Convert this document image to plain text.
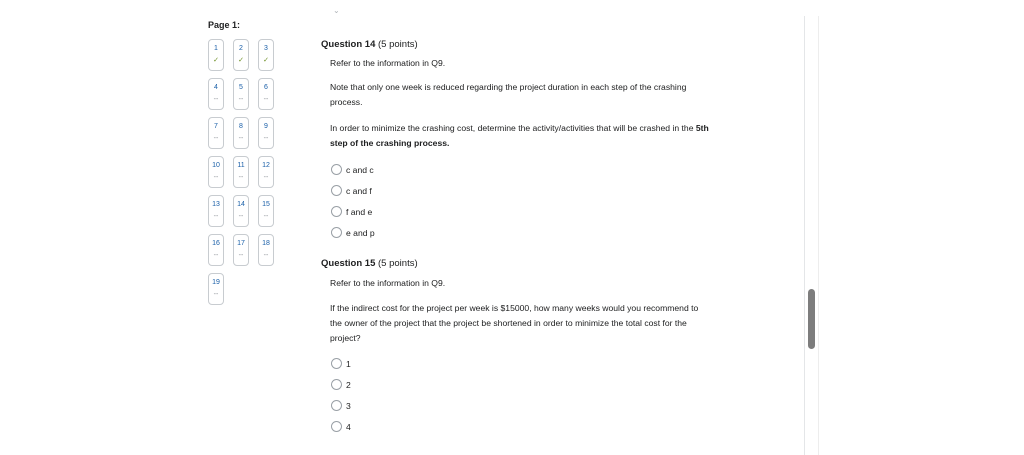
Page 1:
1
✓
2
✓
3
✓
4
--
5
--
6
--
7
--
8
--
9
--
10
--
11
--
12
--
13
--
14
--
15
--
16
--
17
--
18
--
19
--
⌄
Question 14 (5 points)
Refer to the information in Q9.
Note that only one week is reduced regarding the project duration in each step of the crashing process.
In order to minimize the crashing cost, determine the activity/activities that will be crashed in the 5th step of the crashing process.
c and c
c and f
f and e
e and p
Question 15 (5 points)
Refer to the information in Q9.
If the indirect cost for the project per week is $15000, how many weeks would you recommend to the owner of the project that the project be shortened in order to minimize the total cost for the project?
1
2
3
4
